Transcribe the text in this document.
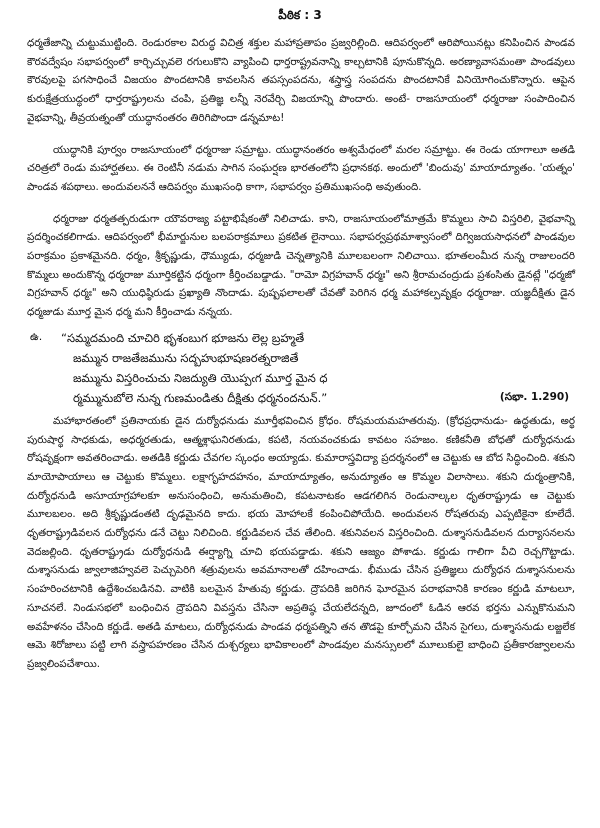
పీఠిక : 3

ధర్మతేజాన్ని చుట్టుముట్టింది. రెండురకాల విరుద్ధ విచిత్ర శక్తుల మహాప్రతాపం ప్రజ్వరిల్లింది. ఆదిపర్వంలో ఆరిపోయినట్లు కనిపించిన పాండవ కౌరవద్వేషం సభాపర్వంలో కార్చిచ్చువలె రగులుకొని వ్యాపించి ధార్తరాష్ట్రవనాన్ని కాల్చటానికి పూనుకొన్నది. అరణ్యావాసమంతా పాండవులు కౌరవులపై పగసాధించే విజయం పొందటానికి కావలసిన తపస్సంపదను, శస్త్రాస్త్ర సంపదను పొందటానికే వినియోగించుకొన్నారు. ఆపైన కురుక్షేత్రయుద్ధంలో ధార్తరాష్ట్రులను చంపి, ప్రతిజ్ఞ లన్నీ నెరవేర్చి విజయాన్ని పొందారు. అంటే- రాజసూయంలో ధర్మరాజు సంపాదించిన వైభవాన్ని, తీవ్రయత్నంతో యుద్ధానంతరం తిరిగిపొందా డన్నమాట!

యుద్ధానికి పూర్వం రాజసూయంలో ధర్మరాజు సమ్రాట్టు. యుద్ధానంతరం అశ్వమేధంలో మరల సమ్రాట్టు. ఈ రెండు యాగాలూ అతడి చరిత్రలో రెండు మహార్ఘతలు. ఈ రెంటినీ నడుమ సాగిన సంఘర్షణ భారతంలోని ప్రధానకథ. అందులో 'బిందువు' మాయాద్యూతం. 'యత్నం' పాండవ శపథాలు. అందువలననే ఆదిపర్వం ముఖసంధి కాగా, సభాపర్వం ప్రతిముఖసంధి అవుతుంది.

ధర్మరాజు ధర్మతత్పరుడుగా యౌవరాజ్య పట్టాభిషేకంతో నిలిచాడు. కాని, రాజసూయంలోమాత్రమే కొమ్మలు సాచి విస్తరిలి, వైభవాన్ని ప్రదర్శించకలిగాడు. ఆదిపర్వంలో భీమార్జునుల బలపరాక్రమాలు ప్రకటిత లైనాయి. సభాపర్వప్రథమాశ్వాసంలో దిగ్విజయసాధనలో పాండవుల పరాక్రమం ప్రకాశమైనది. ధర్మం, శ్రీకృష్ణుడు, ధౌమ్యుడు, ధర్మజుడి చెన్నత్యానికి మూలబలంగా నిలిచాయి. భూతలంమీద నున్న రాజులందరి కొమ్మలు అందుకొన్న ధర్మరాజు మూర్తికట్టిన ధర్మంగా కీర్తించబడ్డాడు. "రామో విగ్రహవాన్ ధర్మః" అని శ్రీరామచంద్రుడు ప్రశంసితు డైనట్లే "ధర్మజో విగ్రహవాన్ ధర్మః" అని యుధిష్ఠిరుడు ప్రఖ్యాతి నొందాడు. పుష్పఫలాలతో చేవతో పెరిగిన ధర్మ మహాకల్పవృక్షం ధర్మరాజు. యజ్ఞదీక్షితు డైన ధర్మజుడు మూర్త మైన ధర్మ మని కీర్తించాడు నన్నయ.

ఉ. “సమ్మదమంది చూచిరి భృశంబుగ భూజను లెల్ల బ్రహ్మతే
జమ్మున రాజతేజమును సద్బహుభూషణరత్నరాజితే
జమ్మును విస్తరించుచు నిజద్యుతి యొప్పఁగ మూర్త మైన ధ
ర్మమ్మునుబోలె నున్న గుణమండితు దీక్షితు ధర్మనందనున్.”	(సభా. 1.290)

మహాభారతంలో ప్రతినాయకు డైన దుర్యోధనుడు మూర్తీభవించిన క్రోధం. రోషమయమహతరువు. (క్రోధప్రధానుడు- ఉద్ధతుడు, అర్థ పురుషార్థ సాధకుడు, అధర్మరతుడు, ఆత్మశ్లాఘనిరతుడు, కపటి, నయవంచకుడు కావటం సహజం. కణికనీతి బోధతో దుర్యోధనుడు రోషవృక్షంగా అవతరించాడు. అతడికి కర్ణుడు చేవగల స్కంధం అయ్యాడు. కుమారాస్త్రవిద్యా ప్రదర్శనంలో ఆ చెట్టుకు ఆ బోద సిద్ధించింది. శకుని మాయోపాయాలు ఆ చెట్టుకు కొమ్మలు. లక్షాగృహదహనం, మాయాద్యూతం, అనుద్యూతం ఆ కొమ్మల విలాసాలు. శకుని దుర్మంత్రానికి, దుర్యోధనుడి అసూయాగ్రహాలకూ అనుసంధించి, అనుమతించి, కపటనాటకం ఆడగలిగిన రెండునాల్కల ధృతరాష్ట్రుడు ఆ చెట్టుకు మూలబలం. అది శ్రీకృష్ణుడంతటి దృఢమైనది కాదు. భయ మోహాలకే కంపించిపోయేది. అందువలన రోషతరువు ఎప్పటికైనా కూలేదే. ధృతరాష్ట్రుడివలన దుర్యోధను డనే చెట్టు నిలిచింది. కర్ణుడివలన చేవ తేలింది. శకునివలన విస్తరించింది. దుశ్శాసనుడివలన దుర్యాసనలను వెదజల్లింది. ధృతరాష్ట్రుడు దుర్యోధనుడి ఈర్ష్యాగ్ని చూచి భయపడ్డాడు. శకుని ఆజ్యం పోశాడు. కర్ణుడు గాలిగా వీచి రెచ్చగొట్టాడు. దుశ్శాసనుడు జ్వాలాజిహ్వవలె పెచ్చుపెరిగి శత్రువులను అవమానాలతో దహించాడు. భీముడు చేసిన ప్రతిజ్ఞలు దుర్యోధన దుశ్శాసనులను సంహరించటానికి ఉద్దేశించబడినవి. వాటికి బలమైన హేతువు కర్ణుడు. ద్రౌపదికి జరిగిన ఘోరమైన పరాభవానికి కారణం కర్ణుడి మాటలూ, సూచనలే. నిండుసభలో బంధించిన ద్రౌపదిని వివస్త్రను చేసినా అప్రతిష్ఠ చేయలేదన్నది, జూదంలో ఓడిన ఆరవ భర్తను ఎన్నుకొనుమని అవహేళనం చేసింది కర్ణుడే. అతడి మాటలు, దుర్యోధనుడు పాండవ ధర్మపత్నిని తన తొడపై కూర్చోమని చేసిన సైగలు, దుశ్శాసనుడు లజ్జలేక ఆమె శిరోజాలు పట్టి లాగి వస్త్రాపహరణం చేసిన దుశ్చర్యలు భావికాలంలో పాండవుల మనస్సులలో మూలుకులై బాధించి ప్రతీకారజ్వాలలను ప్రజ్వలింపచేశాయి.
